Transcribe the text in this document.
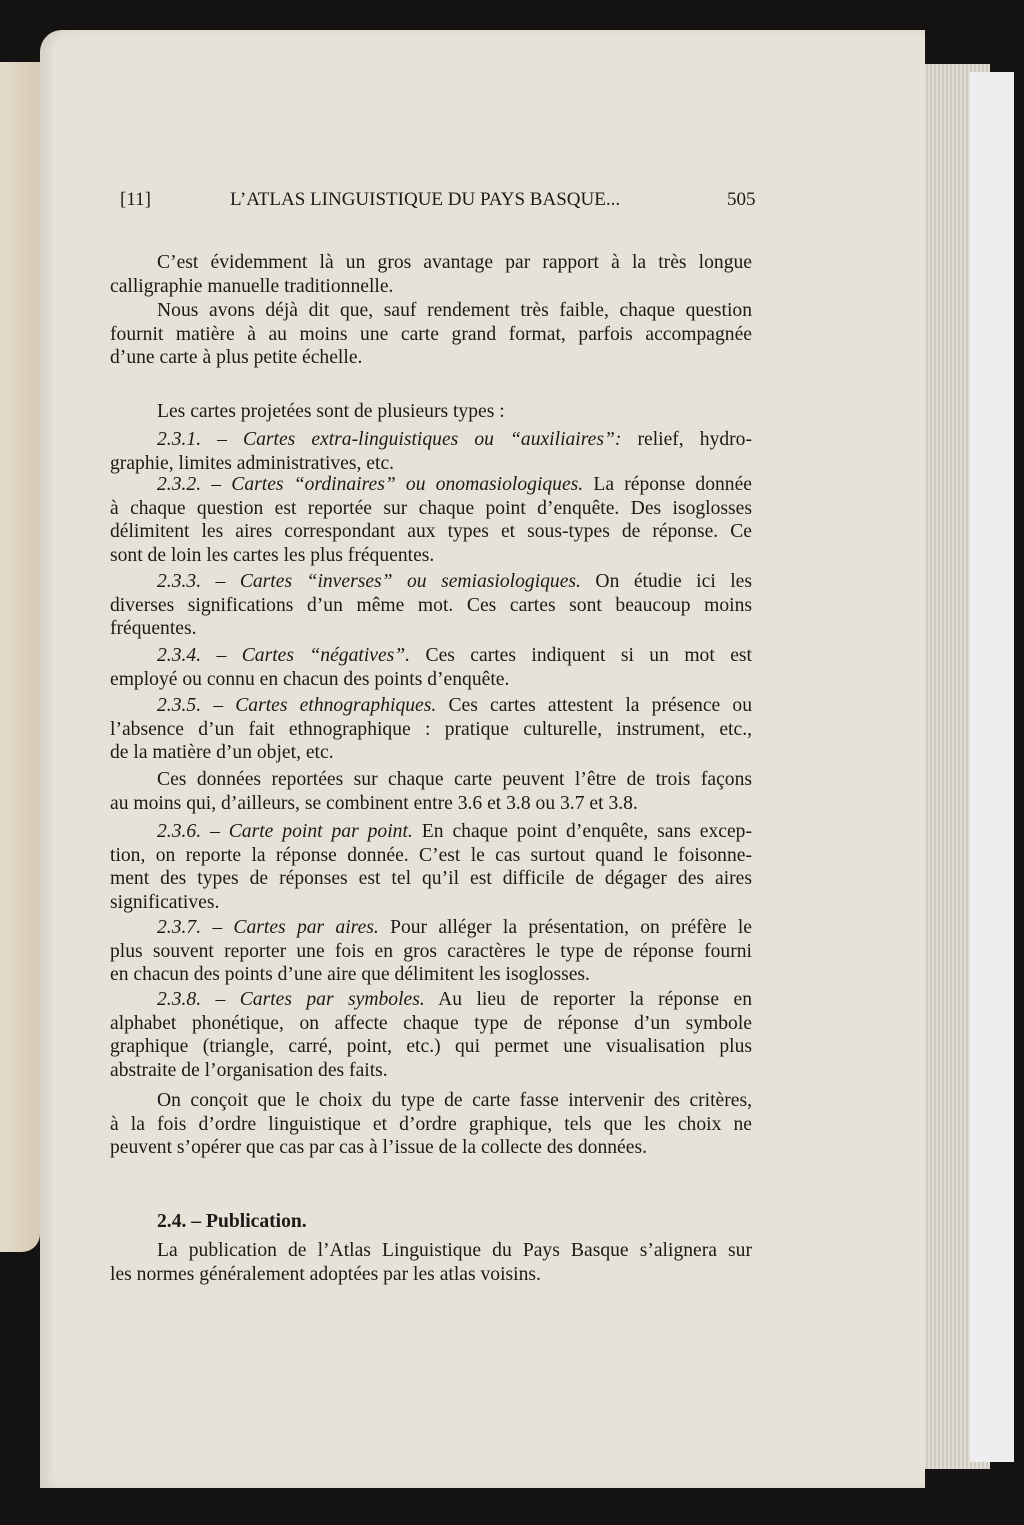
[11]	L’ATLAS LINGUISTIQUE DU PAYS BASQUE...	505
C’est évidemment là un gros avantage par rapport à la très longue
calligraphie manuelle traditionnelle.
Nous avons déjà dit que, sauf rendement très faible, chaque question
fournit matière à au moins une carte grand format, parfois accompagnée
d’une carte à plus petite échelle.
Les cartes projetées sont de plusieurs types :
2.3.1. – Cartes extra-linguistiques ou “auxiliaires”: relief, hydro-
graphie, limites administratives, etc.
2.3.2. – Cartes “ordinaires” ou onomasiologiques. La réponse donnée
à chaque question est reportée sur chaque point d’enquête. Des isoglosses
délimitent les aires correspondant aux types et sous-types de réponse. Ce
sont de loin les cartes les plus fréquentes.
2.3.3. – Cartes “inverses” ou semiasiologiques. On étudie ici les
diverses significations d’un même mot. Ces cartes sont beaucoup moins
fréquentes.
2.3.4. – Cartes “négatives”. Ces cartes indiquent si un mot est
employé ou connu en chacun des points d’enquête.
2.3.5. – Cartes ethnographiques. Ces cartes attestent la présence ou
l’absence d’un fait ethnographique : pratique culturelle, instrument, etc.,
de la matière d’un objet, etc.
Ces données reportées sur chaque carte peuvent l’être de trois façons
au moins qui, d’ailleurs, se combinent entre 3.6 et 3.8 ou 3.7 et 3.8.
2.3.6. – Carte point par point. En chaque point d’enquête, sans excep-
tion, on reporte la réponse donnée. C’est le cas surtout quand le foisonne-
ment des types de réponses est tel qu’il est difficile de dégager des aires
significatives.
2.3.7. – Cartes par aires. Pour alléger la présentation, on préfère le
plus souvent reporter une fois en gros caractères le type de réponse fourni
en chacun des points d’une aire que délimitent les isoglosses.
2.3.8. – Cartes par symboles. Au lieu de reporter la réponse en
alphabet phonétique, on affecte chaque type de réponse d’un symbole
graphique (triangle, carré, point, etc.) qui permet une visualisation plus
abstraite de l’organisation des faits.
On conçoit que le choix du type de carte fasse intervenir des critères,
à la fois d’ordre linguistique et d’ordre graphique, tels que les choix ne
peuvent s’opérer que cas par cas à l’issue de la collecte des données.
La publication de l’Atlas Linguistique du Pays Basque s’alignera sur
les normes généralement adoptées par les atlas voisins.
2.4. – Publication.
